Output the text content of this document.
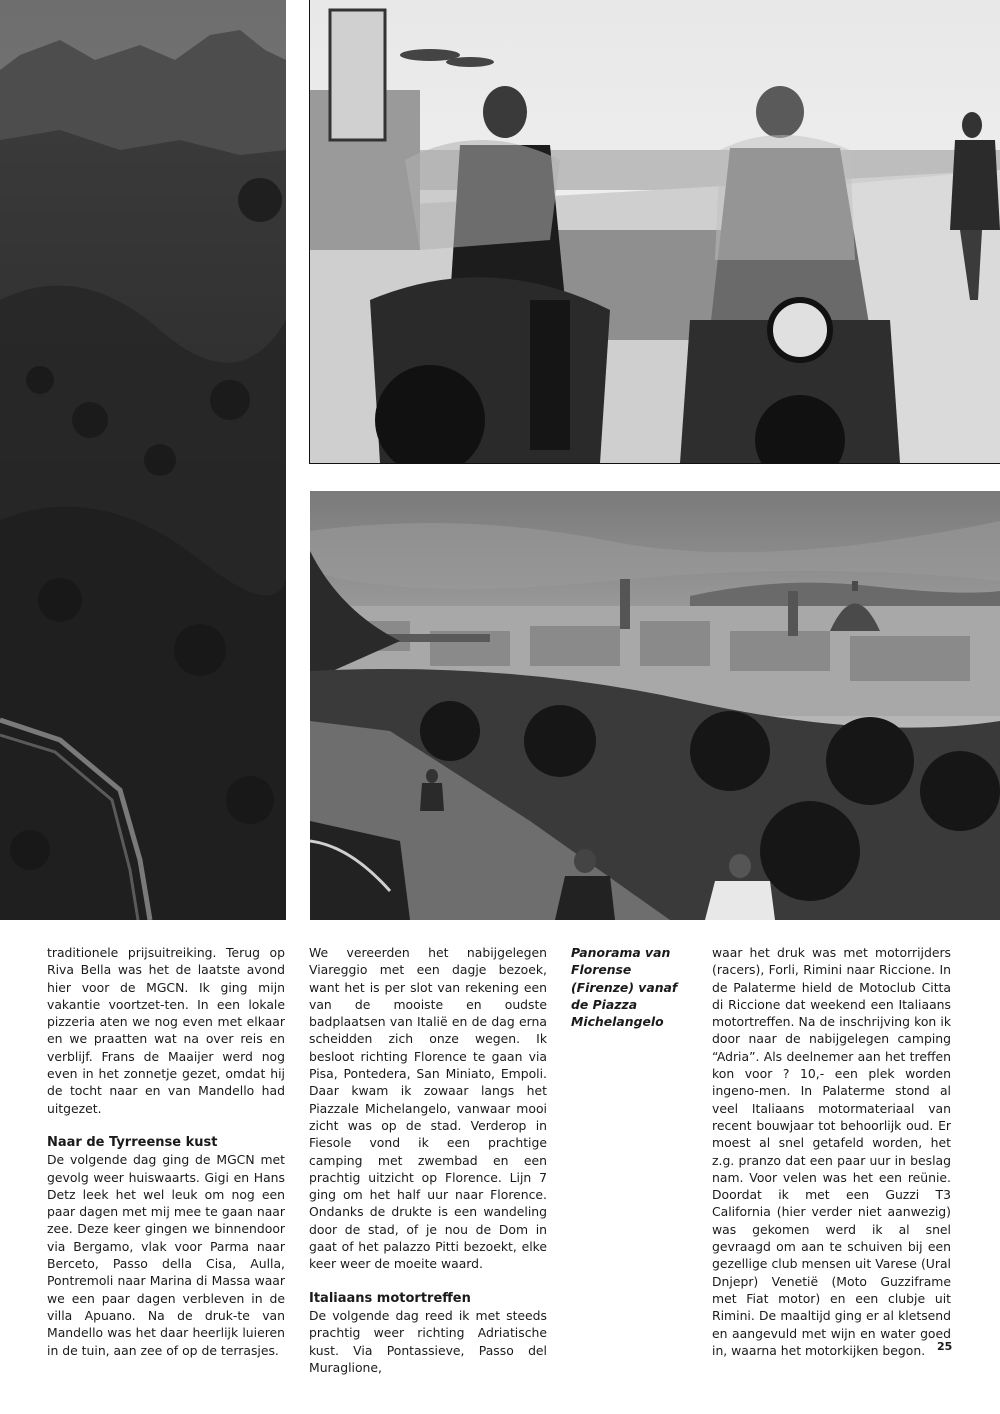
traditionele prijsuitreiking. Terug op Riva Bella was het de laatste avond hier voor de MGCN. Ik ging mijn vakantie voortzet-ten. In een lokale pizzeria aten we nog even met elkaar en we praatten wat na over reis en verblijf. Frans de Maaijer werd nog even in het zonnetje gezet, omdat hij de tocht naar en van Mandello had uitgezet.

Naar de Tyrreense kust

De volgende dag ging de MGCN met gevolg weer huiswaarts. Gigi en Hans Detz leek het wel leuk om nog een paar dagen met mij mee te gaan naar zee. Deze keer gingen we binnendoor via Bergamo, vlak voor Parma naar Berceto, Passo della Cisa, Aulla, Pontremoli naar Marina di Massa waar we een paar dagen verbleven in de villa Apuano. Na de druk-te van Mandello was het daar heerlijk luieren in de tuin, aan zee of op de terrasjes.

We vereerden het nabijgelegen Viareggio met een dagje bezoek, want het is per slot van rekening een van de mooiste en oudste badplaatsen van Italië en de dag erna scheidden zich onze wegen. Ik besloot richting Florence te gaan via Pisa, Pontedera, San Miniato, Empoli. Daar kwam ik zowaar langs het Piazzale Michelangelo, vanwaar mooi zicht was op de stad. Verderop in Fiesole vond ik een prachtige camping met zwembad en een prachtig uitzicht op Florence. Lijn 7 ging om het half uur naar Florence. Ondanks de drukte is een wandeling door de stad, of je nou de Dom in gaat of het palazzo Pitti bezoekt, elke keer weer de moeite waard.

Italiaans motortreffen

De volgende dag reed ik met steeds prachtig weer richting Adriatische kust. Via Pontassieve, Passo del Muraglione,

Panorama van Florense (Firenze) vanaf de Piazza Michelangelo

waar het druk was met motorrijders (racers), Forli, Rimini naar Riccione. In de Palaterme hield de Motoclub Citta di Riccione dat weekend een Italiaans motortreffen. Na de inschrijving kon ik door naar de nabijgelegen camping “Adria”. Als deelnemer aan het treffen kon voor ? 10,- een plek worden ingeno-men. In Palaterme stond al veel Italiaans motormateriaal van recent bouwjaar tot behoorlijk oud. Er moest al snel getafeld worden, het z.g. pranzo dat een paar uur in beslag nam. Voor velen was het een reünie. Doordat ik met een Guzzi T3 California (hier verder niet aanwezig) was gekomen werd ik al snel gevraagd om aan te schuiven bij een gezellige club mensen uit Varese (Ural Dnjepr) Venetië (Moto Guzziframe met Fiat motor) en een clubje uit Rimini. De maaltijd ging er al kletsend en aangevuld met wijn en water goed in, waarna het motorkijken begon.	25
